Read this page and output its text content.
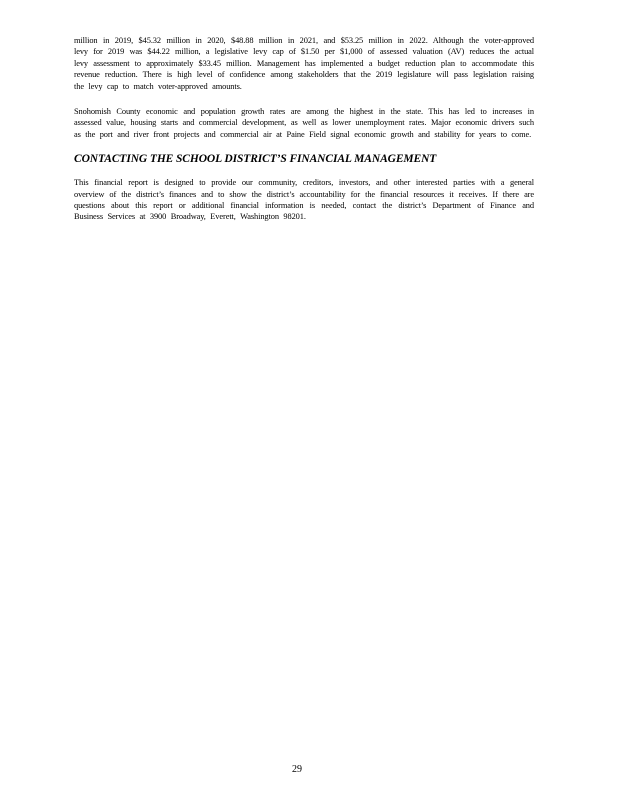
million in 2019, $45.32 million in 2020, $48.88 million in 2021, and $53.25 million in 2022. Although the voter-approved levy for 2019 was $44.22 million, a legislative levy cap of $1.50 per $1,000 of assessed valuation (AV) reduces the actual levy assessment to approximately $33.45 million. Management has implemented a budget reduction plan to accommodate this revenue reduction. There is high level of confidence among stakeholders that the 2019 legislature will pass legislation raising the levy cap to match voter-approved amounts.

Snohomish County economic and population growth rates are among the highest in the state. This has led to increases in assessed value, housing starts and commercial development, as well as lower unemployment rates. Major economic drivers such as the port and river front projects and commercial air at Paine Field signal economic growth and stability for years to come.

CONTACTING THE SCHOOL DISTRICT’S FINANCIAL MANAGEMENT

This financial report is designed to provide our community, creditors, investors, and other interested parties with a general overview of the district’s finances and to show the district’s accountability for the financial resources it receives. If there are questions about this report or additional financial information is needed, contact the district’s Department of Finance and Business Services at 3900 Broadway, Everett, Washington 98201.

29
